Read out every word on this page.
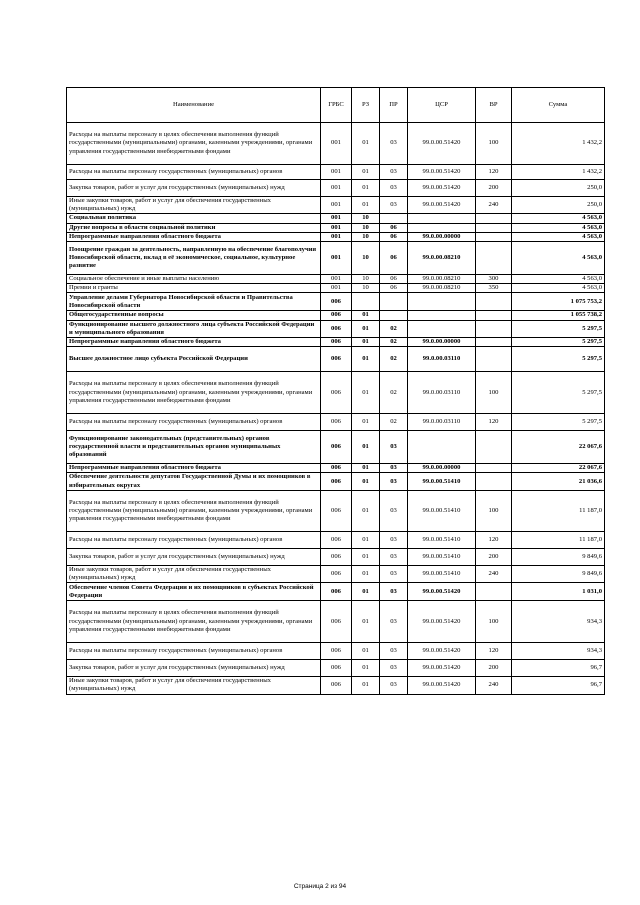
Наименование	ГРБС	РЗ	ПР	ЦСР	ВР	Сумма
Расходы на выплаты персоналу в целях обеспечения выполнения функций государственными (муниципальными) органами, казенными учреждениями, органами управления государственными внебюджетными фондами	001	01	03	99.0.00.51420	100	1 432,2
Расходы на выплаты персоналу государственных (муниципальных) органов	001	01	03	99.0.00.51420	120	1 432,2
Закупка товаров, работ и услуг для государственных (муниципальных) нужд	001	01	03	99.0.00.51420	200	250,0
Иные закупки товаров, работ и услуг для обеспечения государственных (муниципальных) нужд	001	01	03	99.0.00.51420	240	250,0
Социальная политика	001	10				4 563,0
Другие вопросы в области социальной политики	001	10	06			4 563,0
Непрограммные направления областного бюджета	001	10	06	99.0.00.00000		4 563,0
Поощрение граждан за деятельность, направленную на обеспечение благополучия Новосибирской области, вклад в её экономическое, социальное, культурное развитие	001	10	06	99.0.00.08210		4 563,0
Социальное обеспечение и иные выплаты населению	001	10	06	99.0.00.08210	300	4 563,0
Премии и гранты	001	10	06	99.0.00.08210	350	4 563,0
Управление делами Губернатора Новосибирской области и Правительства Новосибирской области	006					1 075 753,2
Общегосударственные вопросы	006	01				1 055 738,2
Функционирование высшего должностного лица субъекта Российской Федерации и муниципального образования	006	01	02			5 297,5
Непрограммные направления областного бюджета	006	01	02	99.0.00.00000		5 297,5
Высшее должностное лицо субъекта Российской Федерации	006	01	02	99.0.00.03110		5 297,5
Расходы на выплаты персоналу в целях обеспечения выполнения функций государственными (муниципальными) органами, казенными учреждениями, органами управления государственными внебюджетными фондами	006	01	02	99.0.00.03110	100	5 297,5
Расходы на выплаты персоналу государственных (муниципальных) органов	006	01	02	99.0.00.03110	120	5 297,5
Функционирование законодательных (представительных) органов государственной власти и представительных органов муниципальных образований	006	01	03			22 067,6
Непрограммные направления областного бюджета	006	01	03	99.0.00.00000		22 067,6
Обеспечение деятельности депутатов Государственной Думы и их помощников в избирательных округах	006	01	03	99.0.00.51410		21 036,6
Расходы на выплаты персоналу в целях обеспечения выполнения функций государственными (муниципальными) органами, казенными учреждениями, органами управления государственными внебюджетными фондами	006	01	03	99.0.00.51410	100	11 187,0
Расходы на выплаты персоналу государственных (муниципальных) органов	006	01	03	99.0.00.51410	120	11 187,0
Закупка товаров, работ и услуг для государственных (муниципальных) нужд	006	01	03	99.0.00.51410	200	9 849,6
Иные закупки товаров, работ и услуг для обеспечения государственных (муниципальных) нужд	006	01	03	99.0.00.51410	240	9 849,6
Обеспечение членов Совета Федерации и их помощников в субъектах Российской Федерации	006	01	03	99.0.00.51420		1 031,0
Расходы на выплаты персоналу в целях обеспечения выполнения функций государственными (муниципальными) органами, казенными учреждениями, органами управления государственными внебюджетными фондами	006	01	03	99.0.00.51420	100	934,3
Расходы на выплаты персоналу государственных (муниципальных) органов	006	01	03	99.0.00.51420	120	934,3
Закупка товаров, работ и услуг для государственных (муниципальных) нужд	006	01	03	99.0.00.51420	200	96,7
Иные закупки товаров, работ и услуг для обеспечения государственных (муниципальных) нужд	006	01	03	99.0.00.51420	240	96,7
Страница 2 из 94
